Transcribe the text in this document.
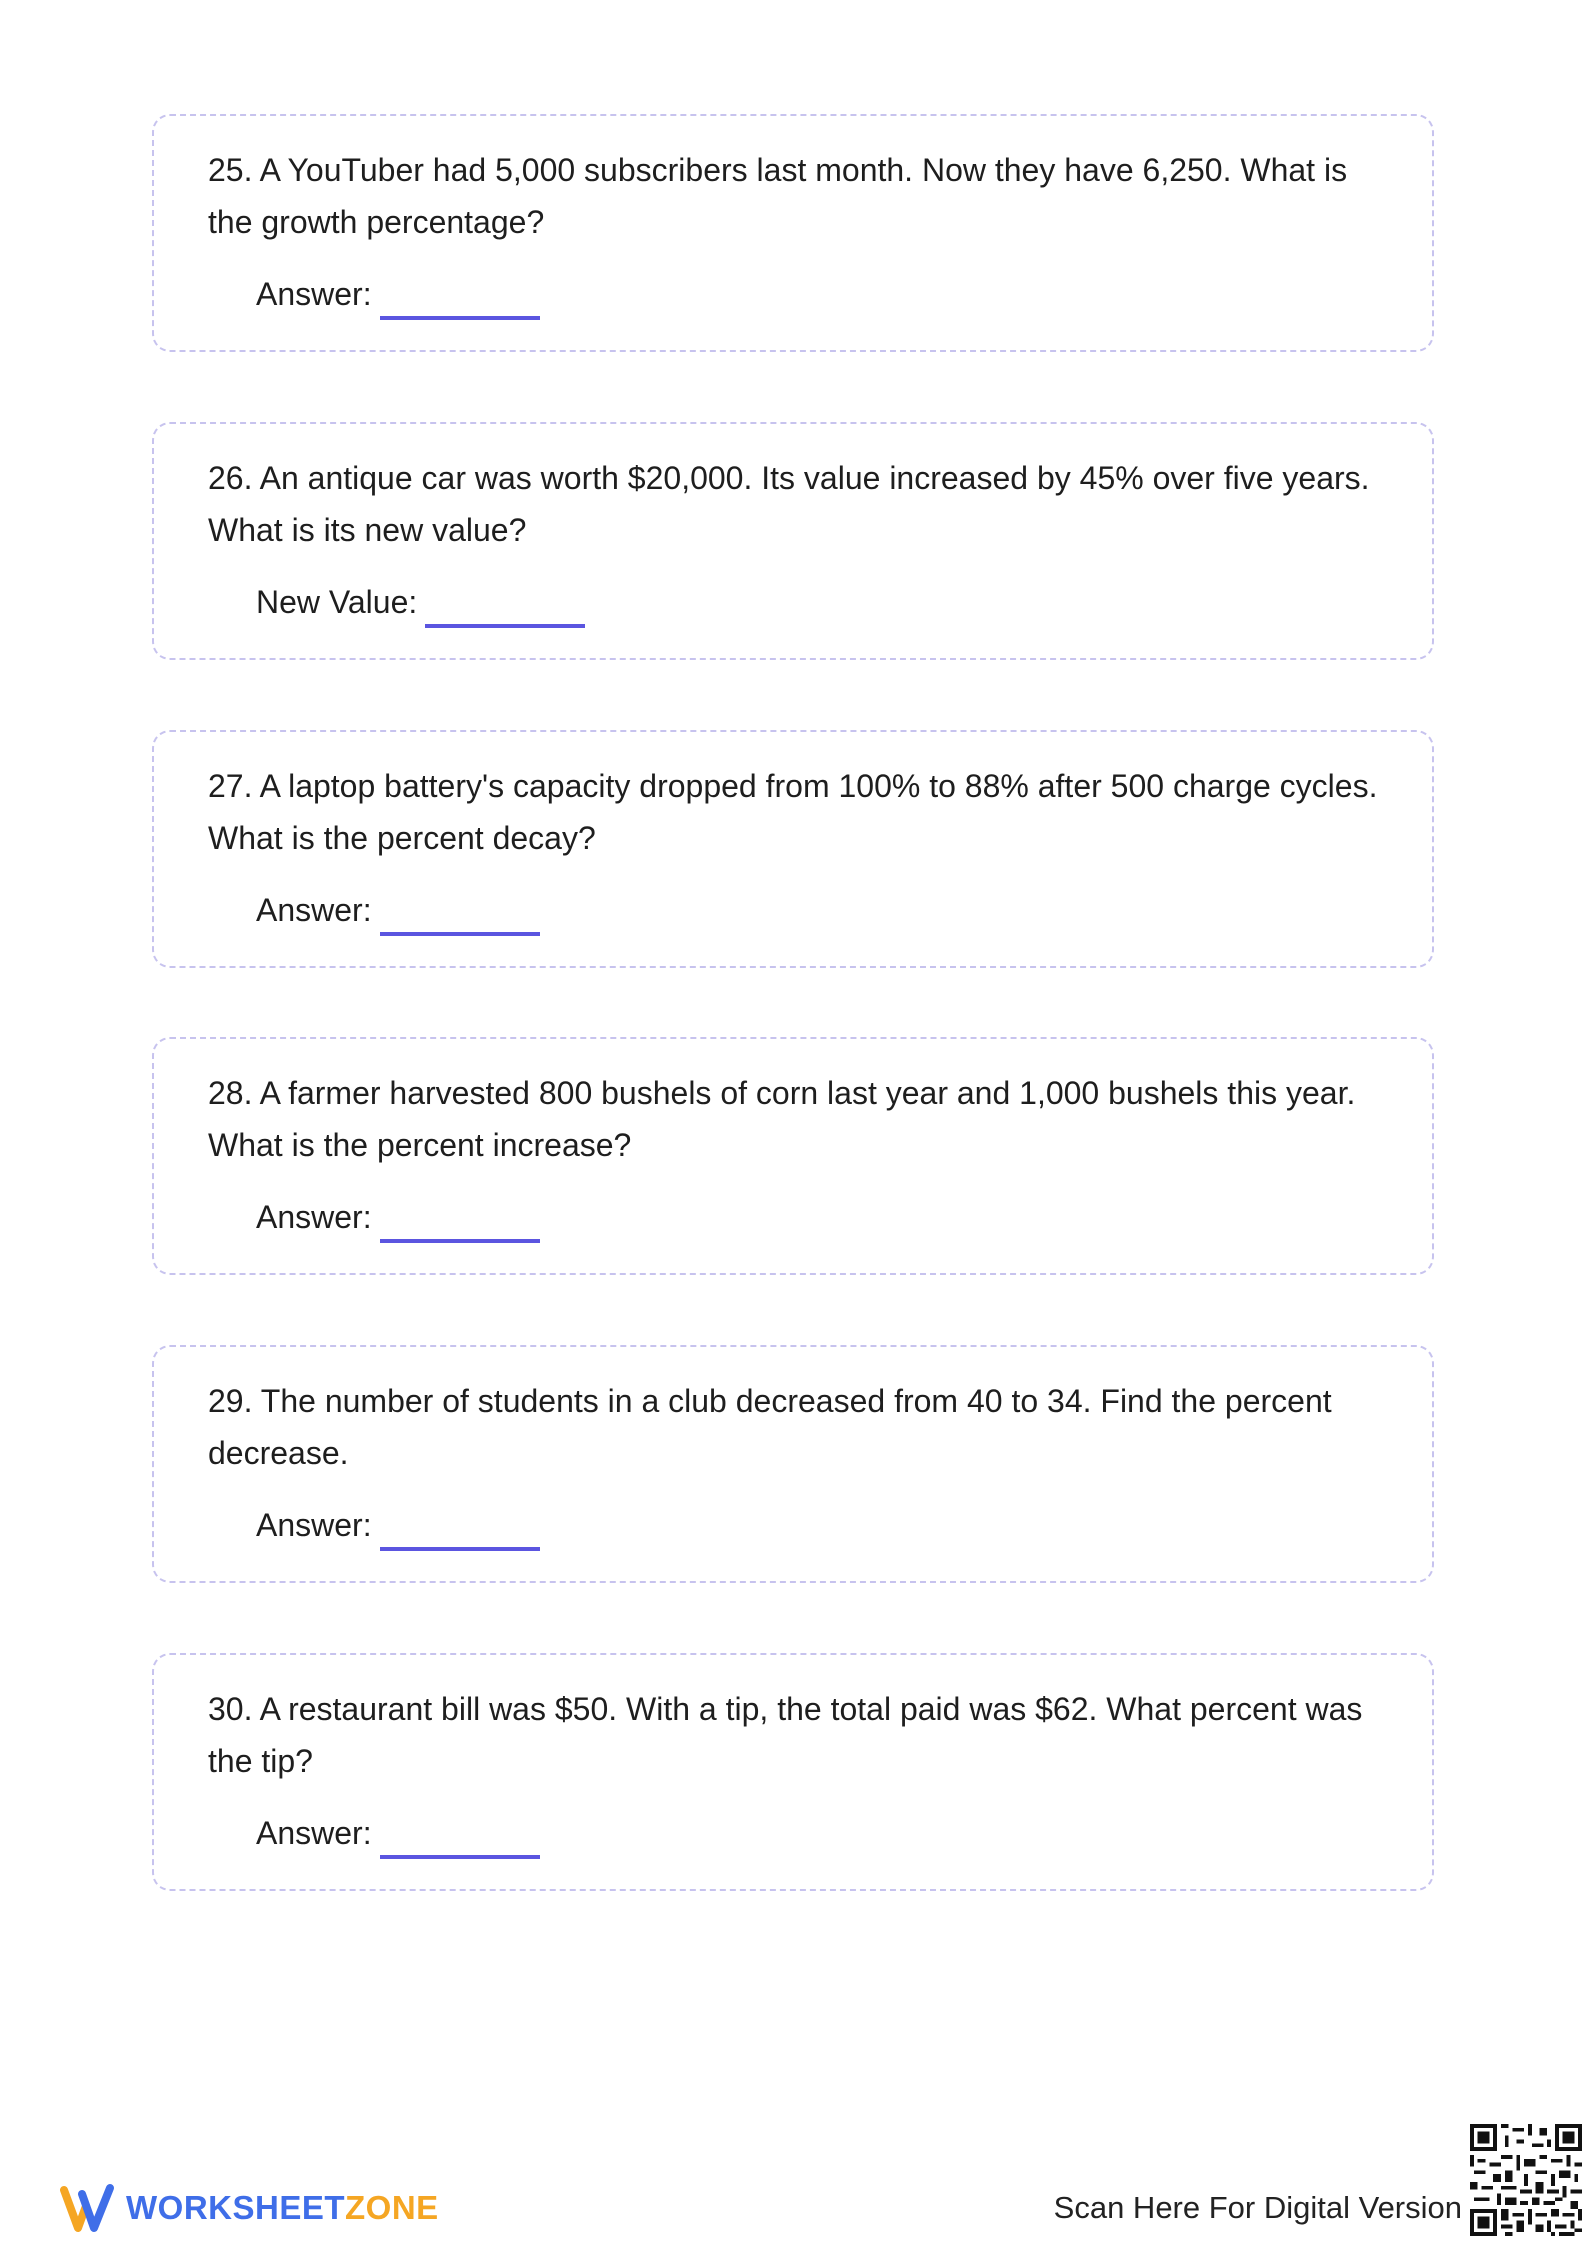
25. A YouTuber had 5,000 subscribers last month. Now they have 6,250. What is the growth percentage?

Answer:

26. An antique car was worth $20,000. Its value increased by 45% over five years. What is its new value?

New Value:

27. A laptop battery's capacity dropped from 100% to 88% after 500 charge cycles. What is the percent decay?

Answer:

28. A farmer harvested 800 bushels of corn last year and 1,000 bushels this year. What is the percent increase?

Answer:

29. The number of students in a club decreased from 40 to 34. Find the percent decrease.

Answer:

30. A restaurant bill was $50. With a tip, the total paid was $62. What percent was the tip?

Answer:
WORKSHEETZONE	Scan Here For Digital Version
